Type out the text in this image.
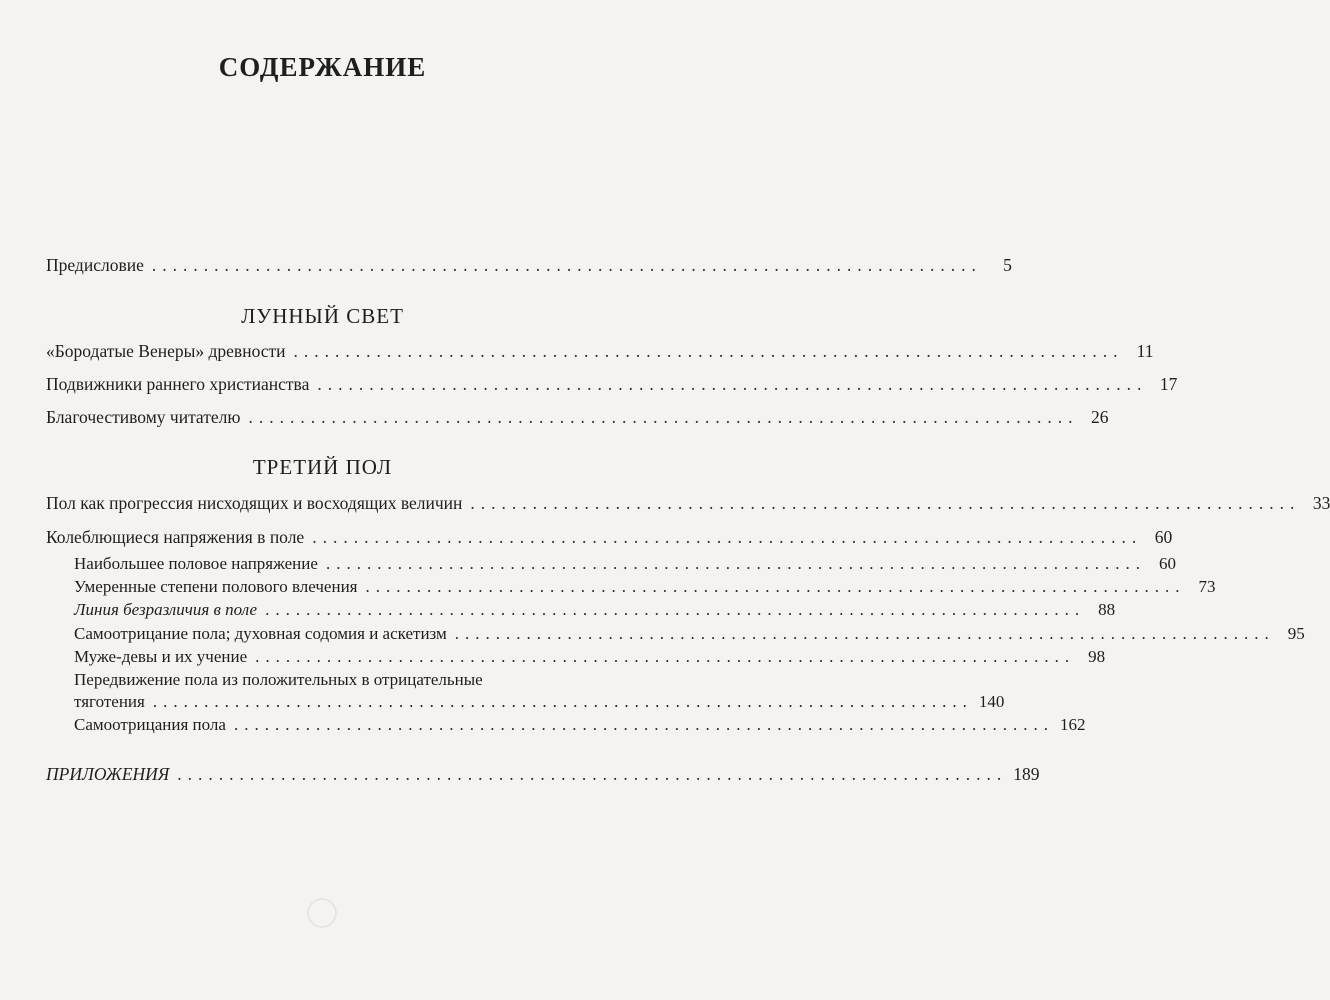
СОДЕРЖАНИЕ
Предисловие ................................................................................	5
ЛУННЫЙ СВЕТ
«Бородатые Венеры» древности ................................................................................ 11
Подвижники раннего христианства ................................................................................ 17
Благочестивому читателю ................................................................................ 26
ТРЕТИЙ ПОЛ
Пол как прогрессия нисходящих и восходящих величин ................................................................................ 33
Колеблющиеся напряжения в поле ................................................................................ 60
Наибольшее половое напряжение ................................................................................ 60
Умеренные степени полового влечения ................................................................................ 73
Линия безразличия в поле ................................................................................ 88
Самоотрицание пола; духовная содомия и аскетизм ................................................................................ 95
Муже-девы и их учение ................................................................................ 98
Передвижение пола из положительных в отрицательные
тяготения ................................................................................ 140
Самоотрицания пола ................................................................................ 162
ПРИЛОЖЕНИЯ ................................................................................ 189
